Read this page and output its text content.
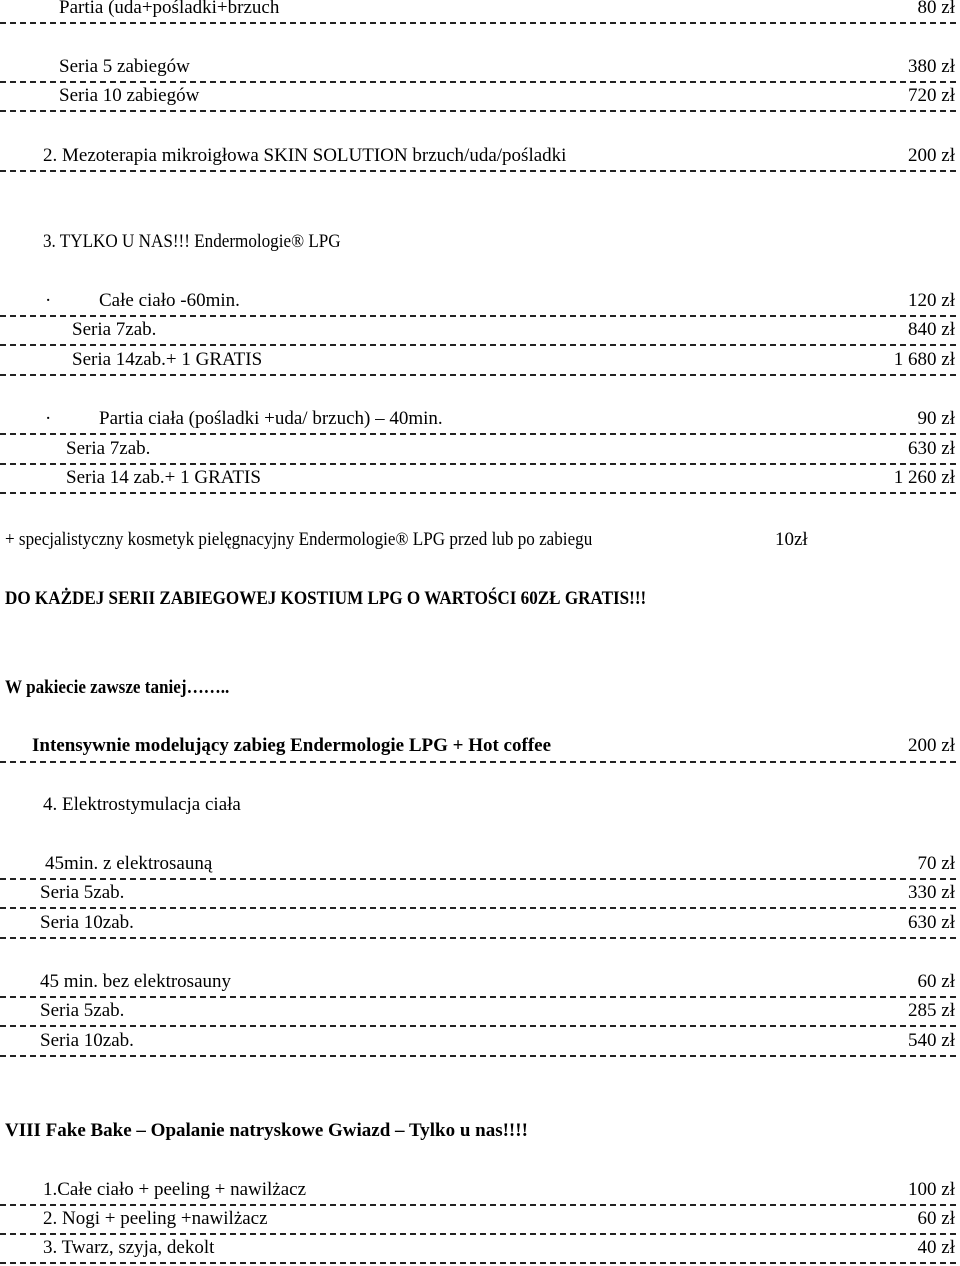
Partia (uda+pośladki+brzuch	80 zł
Seria 5 zabiegów	380 zł
Seria 10 zabiegów	720 zł
2. Mezoterapia mikroigłowa SKIN SOLUTION brzuch/uda/pośladki	200 zł
3. TYLKO U NAS!!! Endermologie® LPG
·	Całe ciało -60min.	120 zł
Seria 7zab.	840 zł
Seria 14zab.+ 1 GRATIS	1 680 zł
·	Partia ciała (pośladki +uda/ brzuch) – 40min.	90 zł
Seria 7zab.	630 zł
Seria 14 zab.+ 1 GRATIS	1 260 zł
+ specjalistyczny kosmetyk pielęgnacyjny Endermologie® LPG przed lub po zabiegu	10zł
DO KAŻDEJ SERII ZABIEGOWEJ KOSTIUM LPG O WARTOŚCI 60ZŁ GRATIS!!!
W pakiecie zawsze taniej……..
Intensywnie modelujący zabieg Endermologie LPG + Hot coffee	200 zł
4. Elektrostymulacja ciała
45min. z elektrosauną	70 zł
Seria 5zab.	330 zł
Seria 10zab.	630 zł
45 min. bez elektrosauny	60 zł
Seria 5zab.	285 zł
Seria 10zab.	540 zł
VIII Fake Bake – Opalanie natryskowe Gwiazd – Tylko u nas!!!!
1.Całe ciało + peeling + nawilżacz	100 zł
2. Nogi + peeling +nawilżacz	60 zł
3. Twarz, szyja, dekolt	40 zł
